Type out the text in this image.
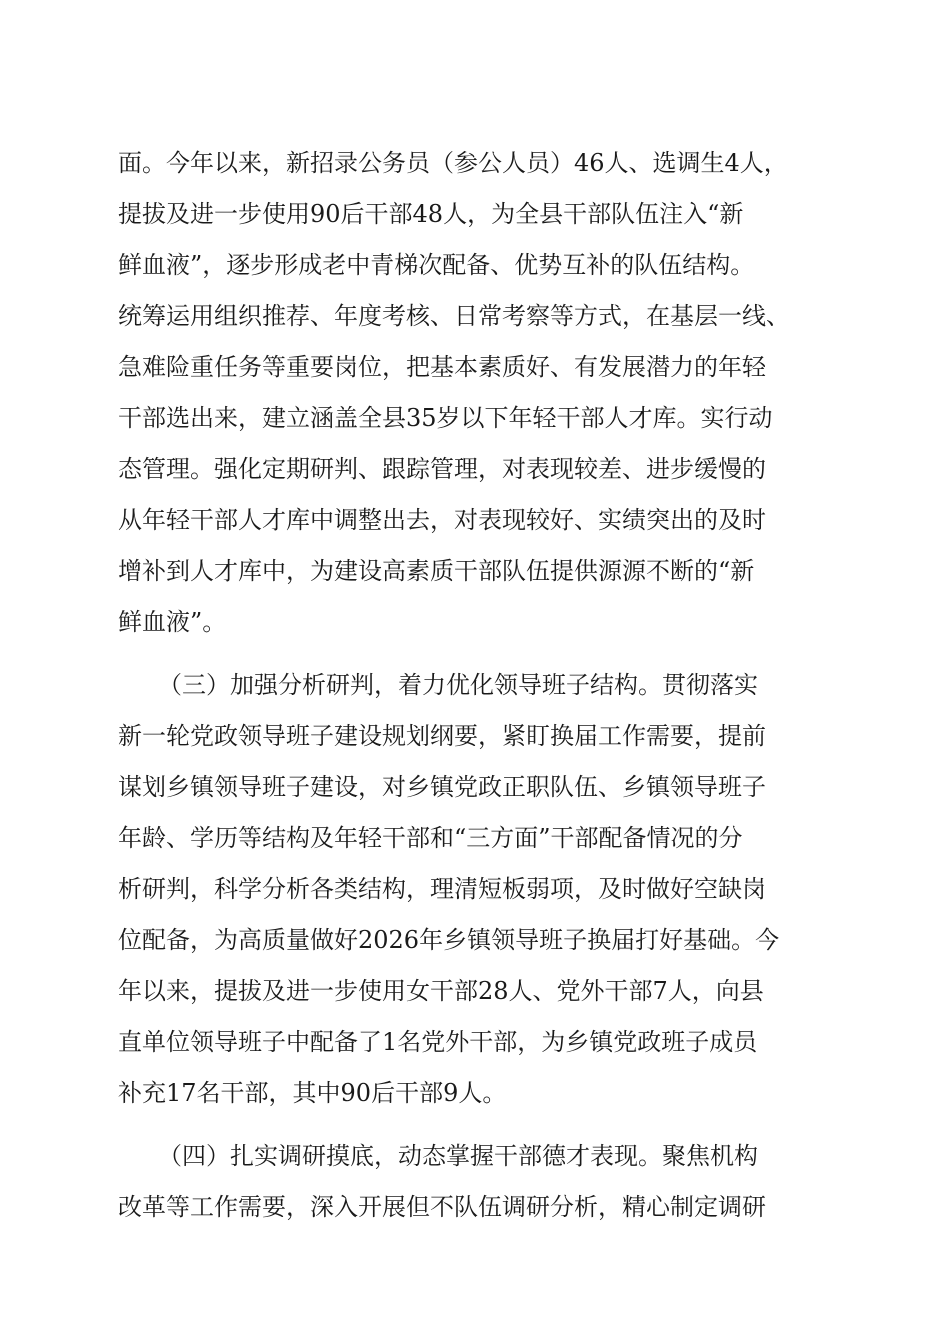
面。今年以来，新招录公务员（参公人员）46人、选调生4人，
提拔及进一步使用90后干部48人，为全县干部队伍注入“新
鲜血液”，逐步形成老中青梯次配备、优势互补的队伍结构。
统筹运用组织推荐、年度考核、日常考察等方式，在基层一线、
急难险重任务等重要岗位，把基本素质好、有发展潜力的年轻
干部选出来，建立涵盖全县35岁以下年轻干部人才库。实行动
态管理。强化定期研判、跟踪管理，对表现较差、进步缓慢的
从年轻干部人才库中调整出去，对表现较好、实绩突出的及时
增补到人才库中，为建设高素质干部队伍提供源源不断的“新
鲜血液”。
（三）加强分析研判，着力优化领导班子结构。贯彻落实
新一轮党政领导班子建设规划纲要，紧盯换届工作需要，提前
谋划乡镇领导班子建设，对乡镇党政正职队伍、乡镇领导班子
年龄、学历等结构及年轻干部和“三方面”干部配备情况的分
析研判，科学分析各类结构，理清短板弱项，及时做好空缺岗
位配备，为高质量做好2026年乡镇领导班子换届打好基础。今
年以来，提拔及进一步使用女干部28人、党外干部7人，向县
直单位领导班子中配备了1名党外干部，为乡镇党政班子成员
补充17名干部，其中90后干部9人。
（四）扎实调研摸底，动态掌握干部德才表现。聚焦机构
改革等工作需要，深入开展但不队伍调研分析，精心制定调研
